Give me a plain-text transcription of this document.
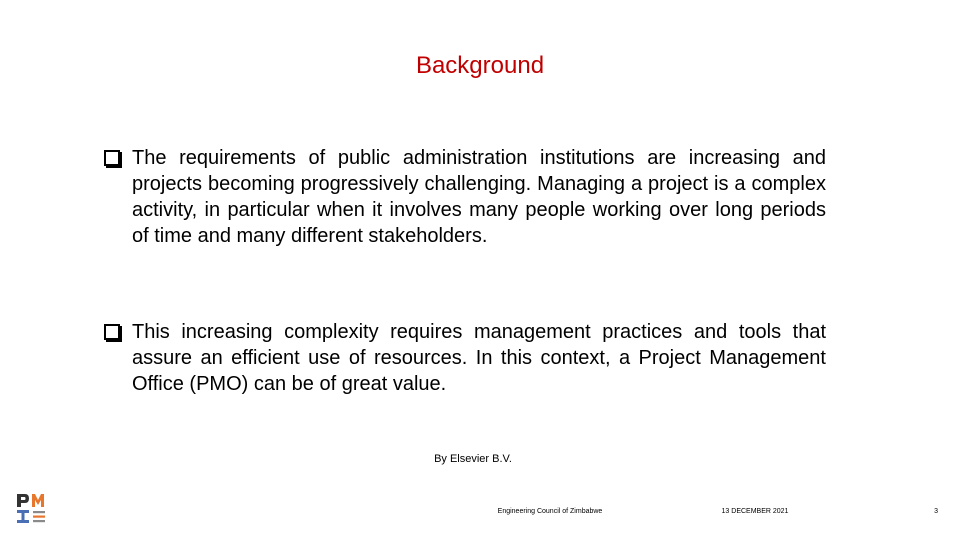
Background
The requirements of public administration institutions are increasing and projects becoming progressively challenging. Managing a project is a complex activity, in particular when it involves many people working over long periods of time and many different stakeholders.
This increasing complexity requires management practices and tools that assure an efficient use of resources. In this context, a Project Management Office (PMO) can be of great value.
By Elsevier B.V.
Engineering Council of Zimbabwe	13 DECEMBER 2021	3
